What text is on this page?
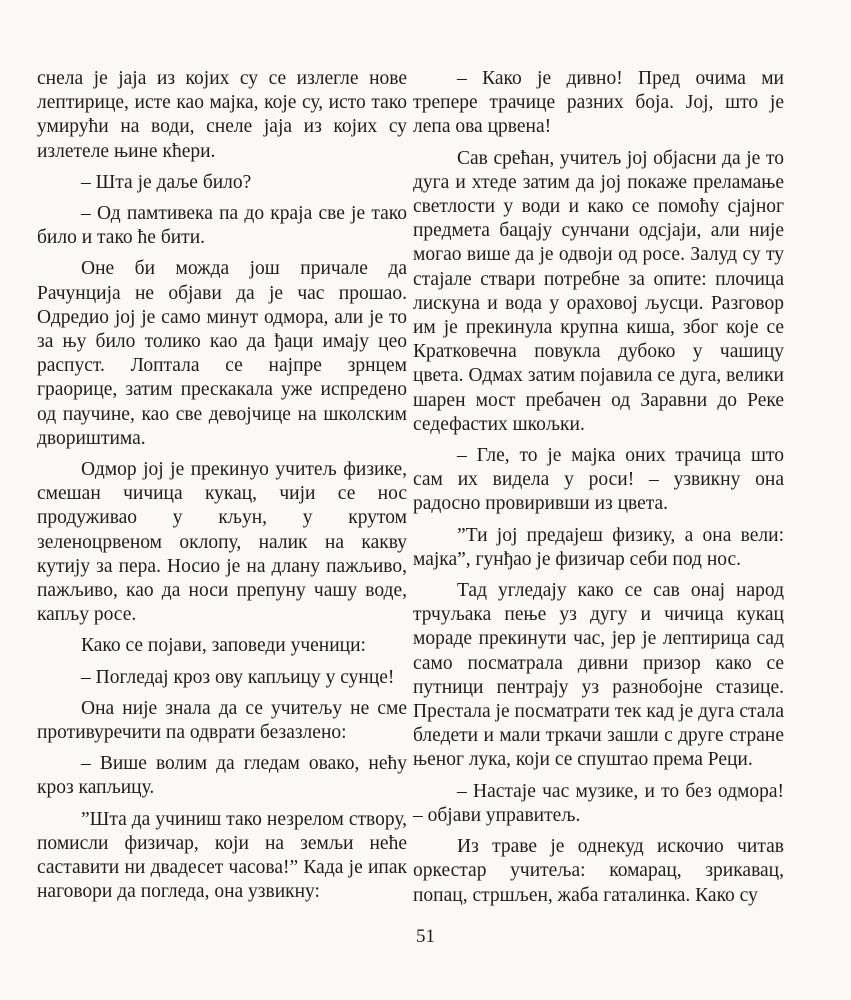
снела је јаја из којих су се излегле нове лептирице, исте као мајка, које су, исто тако умирући на води, снеле јаја из којих су излетеле њине кћери.

– Шта је даље било?

– Од памтивека па до краја све је тако било и тако ће бити.

Оне би можда још причале да Рачунција не објави да је час прошао. Одредио јој је само минут одмора, али је то за њу било толико као да ђаци имају цео распуст. Лоптала се најпре зрнцем граорице, затим прескакала уже испредено од паучине, као све девојчице на школским двориштима.

Одмор јој је прекинуо учитељ физике, смешан чичица кукац, чији се нос продуживао у кљун, у крутом зеленоцрвеном оклопу, налик на какву кутију за пера. Носио је на длану пажљиво, пажљиво, као да носи препуну чашу воде, капљу росе.

Како се појави, заповеди ученици:

– Погледај кроз ову капљицу у сунце!

Она није знала да се учитељу не сме противуречити па одврати безазлено:

– Више волим да гледам овако, нећу кроз капљицу.

”Шта да учиниш тако незрелом створу, помисли физичар, који на земљи неће саставити ни двадесет часова!” Када је ипак наговори да погледа, она узвикну:

– Како је дивно! Пред очима ми трепере трачице разних боја. Јој, што је лепа ова црвена!

Сав срећан, учитељ јој објасни да је то дуга и хтеде затим да јој покаже преламање светлости у води и како се помоћу сјајног предмета бацају сунчани одсјаји, али није могао више да је одвоји од росе. Залуд су ту стајале ствари потребне за опите: плочица лискуна и вода у ораховој љусци. Разговор им је прекинула крупна киша, због које се Кратковечна повукла дубоко у чашицу цвета. Одмах затим појавила се дуга, велики шарен мост пребачен од Заравни до Реке седефастих шкољки.

– Гле, то је мајка оних трачица што сам их видела у роси! – узвикну она радосно провиривши из цвета.

”Ти јој предајеш физику, а она вели: мајка”, гунђао је физичар себи под нос.

Тад угледају како се сав онај народ трчуљака пење уз дугу и чичица кукац мораде прекинути час, јер је лептирица сад само посматрала дивни призор како се путници пентрају уз разнобојне стазице. Престала је посматрати тек кад је дуга стала бледети и мали тркачи зашли с друге стране њеног лука, који се спуштао према Реци.

– Настаје час музике, и то без одмора! – објави управитељ.

Из траве је однекуд искочио читав оркестар учитеља: комарац, зрикавац, попац, стршљен, жаба гаталинка. Како су

51
